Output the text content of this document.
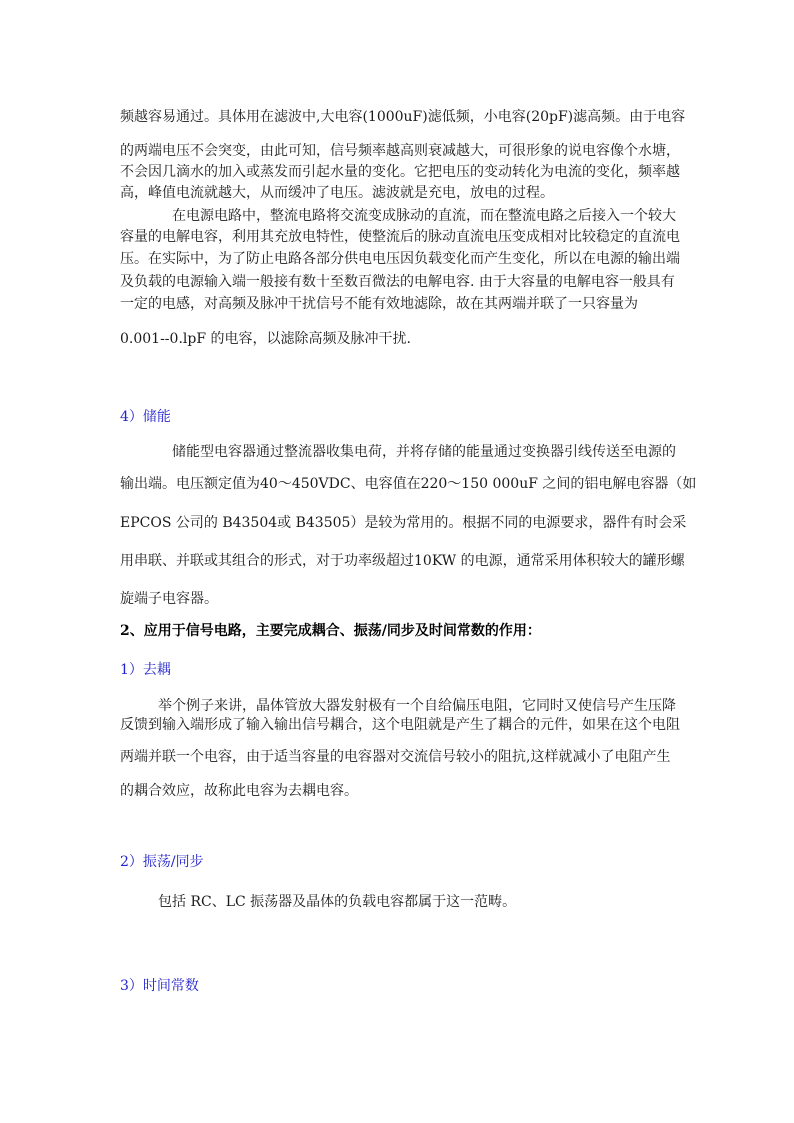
频越容易通过。具体用在滤波中,大电容(1000uF)滤低频，小电容(20pF)滤高频。由于电容
的两端电压不会突变，由此可知，信号频率越高则衰减越大，可很形象的说电容像个水塘，
不会因几滴水的加入或蒸发而引起水量的变化。它把电压的变动转化为电流的变化，频率越
高，峰值电流就越大，从而缓冲了电压。滤波就是充电，放电的过程。
在电源电路中，整流电路将交流变成脉动的直流，而在整流电路之后接入一个较大
容量的电解电容，利用其充放电特性，使整流后的脉动直流电压变成相对比较稳定的直流电
压。在实际中，为了防止电路各部分供电电压因负载变化而产生变化，所以在电源的输出端
及负载的电源输入端一般接有数十至数百微法的电解电容. 由于大容量的电解电容一般具有
一定的电感，对高频及脉冲干扰信号不能有效地滤除，故在其两端并联了一只容量为
0.001--0.lpF 的电容，以滤除高频及脉冲干扰.
4）储能
储能型电容器通过整流器收集电荷，并将存储的能量通过变换器引线传送至电源的
输出端。电压额定值为40～450VDC、电容值在220～150 000uF 之间的铝电解电容器（如
EPCOS 公司的 B43504或 B43505）是较为常用的。根据不同的电源要求，器件有时会采
用串联、并联或其组合的形式，对于功率级超过10KW 的电源，通常采用体积较大的罐形螺
旋端子电容器。
2、应用于信号电路，主要完成耦合、振荡/同步及时间常数的作用：
1）去耦
举个例子来讲，晶体管放大器发射极有一个自给偏压电阻，它同时又使信号产生压降
反馈到输入端形成了输入输出信号耦合，这个电阻就是产生了耦合的元件，如果在这个电阻
两端并联一个电容，由于适当容量的电容器对交流信号较小的阻抗,这样就减小了电阻产生
的耦合效应，故称此电容为去耦电容。
2）振荡/同步
包括 RC、LC 振荡器及晶体的负载电容都属于这一范畴。
3）时间常数
